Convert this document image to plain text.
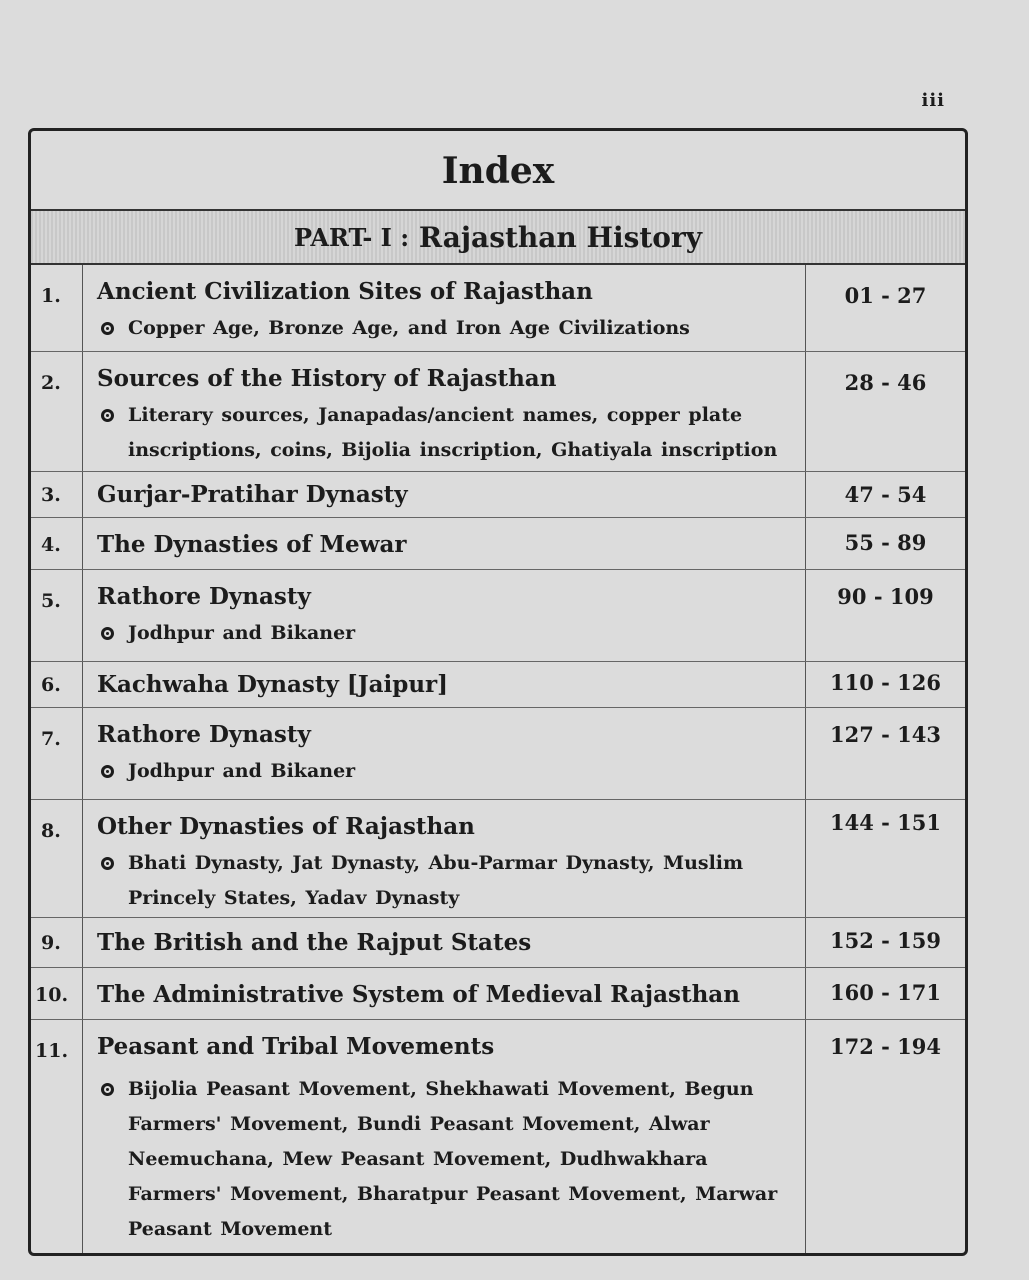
iii
Index
PART- I :
Rajasthan History
1.	Ancient Civilization Sites of Rajasthan
Copper Age, Bronze Age, and Iron Age Civilizations
01 - 27
2.	Sources of the History of Rajasthan
Literary sources, Janapadas/ancient names, copper plate inscriptions, coins, Bijolia inscription, Ghatiyala inscription
28 - 46
3.	Gurjar-Pratihar Dynasty	47 - 54
4.	The Dynasties of Mewar	55 - 89
5.	Rathore Dynasty
Jodhpur and Bikaner
90 - 109
6.	Kachwaha Dynasty [Jaipur]	110 - 126
7.	Rathore Dynasty
Jodhpur and Bikaner
127 - 143
8.	Other Dynasties of Rajasthan
Bhati Dynasty, Jat Dynasty, Abu-Parmar Dynasty, Muslim Princely States, Yadav Dynasty
144 - 151
9.	The British and the Rajput States	152 - 159
10.	The Administrative System of Medieval Rajasthan	160 - 171
11.	Peasant and Tribal Movements
Bijolia Peasant Movement, Shekhawati Movement, Begun Farmers' Movement, Bundi Peasant Movement, Alwar Neemuchana, Mew Peasant Movement, Dudhwakhara Farmers' Movement, Bharatpur Peasant Movement, Marwar Peasant Movement
172 - 194
